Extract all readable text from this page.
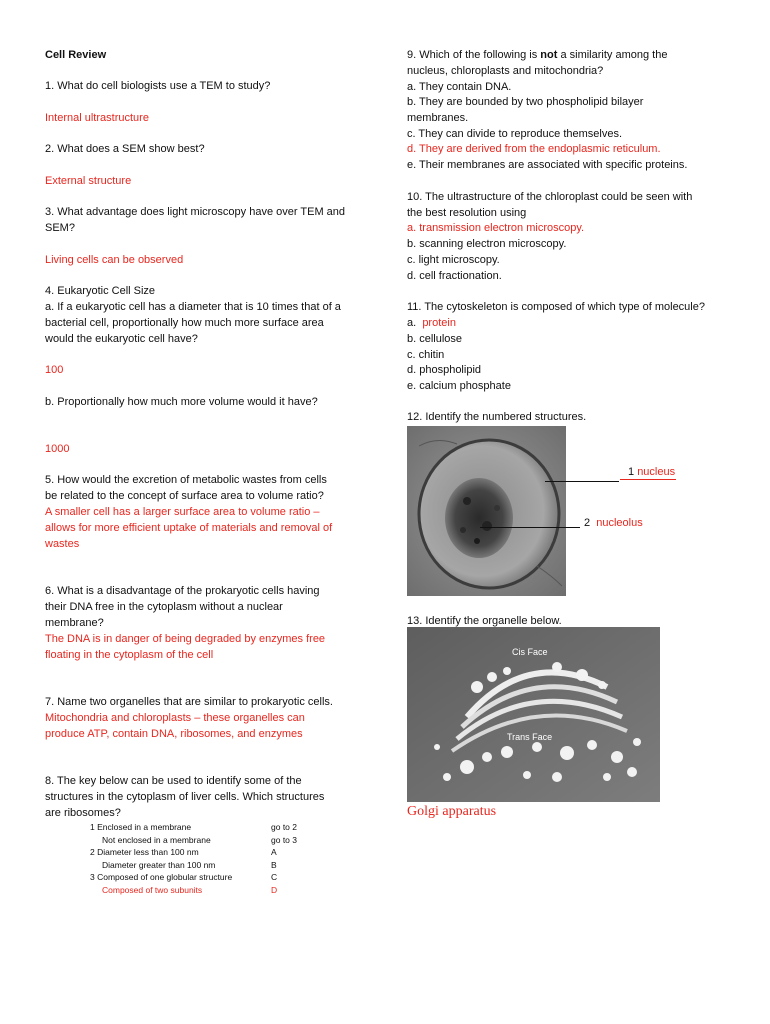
Cell Review
1. What do cell biologists use a TEM to study?
Internal ultrastructure
2. What does a SEM show best?
External structure
3. What advantage does light microscopy have over TEM and
SEM?
Living cells can be observed
4. Eukaryotic Cell Size
a. If a eukaryotic cell has a diameter that is 10 times that of a
bacterial cell, proportionally how much more surface area
would the eukaryotic cell have?
100
b. Proportionally how much more volume would it have?
1000
5. How would the excretion of metabolic wastes from cells
be related to the concept of surface area to volume ratio?
A smaller cell has a larger surface area to volume ratio –
allows for more efficient uptake of materials and removal of
wastes
6. What is a disadvantage of the prokaryotic cells having
their DNA free in the cytoplasm without a nuclear
membrane?
The DNA is in danger of being degraded by enzymes free
floating in the cytoplasm of the cell
7. Name two organelles that are similar to prokaryotic cells.
Mitochondria and chloroplasts – these organelles can
produce ATP, contain DNA, ribosomes, and enzymes
8. The key below can be used to identify some of the
structures in the cytoplasm of liver cells. Which structures
are ribosomes?
1 Enclosed in a membrane	go to 2
Not enclosed in a membrane	go to 3
2 Diameter less than 100 nm	A
Diameter greater than 100 nm	B
3 Composed of one globular structure	C
Composed of two subunits	D
9. Which of the following is not a similarity among the
nucleus, chloroplasts and mitochondria?
a. They contain DNA.
b. They are bounded by two phospholipid bilayer
membranes.
c. They can divide to reproduce themselves.
d. They are derived from the endoplasmic reticulum.
e. Their membranes are associated with specific proteins.
10. The ultrastructure of the chloroplast could be seen with
the best resolution using
a. transmission electron microscopy.
b. scanning electron microscopy.
c. light microscopy.
d. cell fractionation.
11. The cytoskeleton is composed of which type of molecule?
a. protein
b. cellulose
c. chitin
d. phospholipid
e. calcium phosphate
12. Identify the numbered structures.
1 nucleus
2 nucleolus
13. Identify the organelle below.
Cis Face
Trans Face
Golgi apparatus
